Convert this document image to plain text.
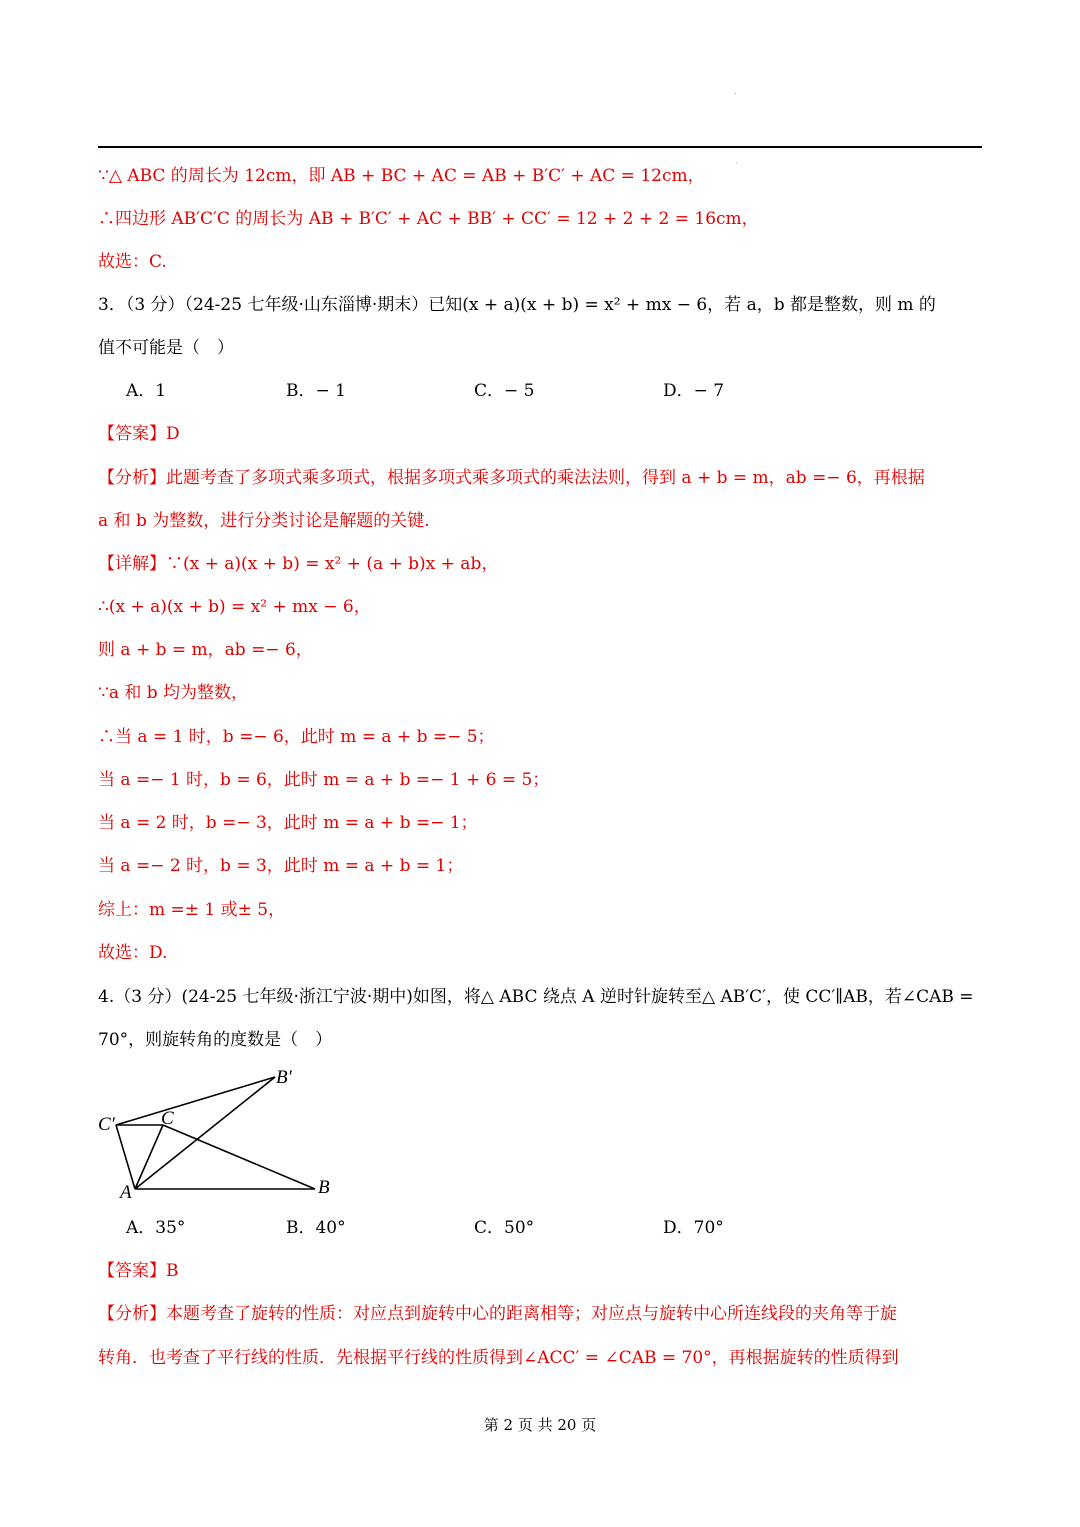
∵△ ABC 的周长为 12cm，即 AB + BC + AC = AB + B′C′ + AC = 12cm，
∴四边形 AB′C′C 的周长为 AB + B′C′ + AC + BB′ + CC′ = 12 + 2 + 2 = 16cm，
故选：C.
3．（3 分）（24-25 七年级·山东淄博·期末）已知(x + a)(x + b) = x² + mx − 6，若 a，b 都是整数，则 m 的
值不可能是（　）
A．1	B．− 1	C．− 5	D．− 7
【答案】D
【分析】此题考查了多项式乘多项式，根据多项式乘多项式的乘法法则，得到 a + b = m，ab =− 6，再根据
a 和 b 为整数，进行分类讨论是解题的关键.
【详解】∵(x + a)(x + b) = x² + (a + b)x + ab，
∴(x + a)(x + b) = x² + mx − 6，
则 a + b = m，ab =− 6，
∵a 和 b 均为整数，
∴当 a = 1 时，b =− 6，此时 m = a + b =− 5；
当 a =− 1 时，b = 6，此时 m = a + b =− 1 + 6 = 5；
当 a = 2 时，b =− 3，此时 m = a + b =− 1；
当 a =− 2 时，b = 3，此时 m = a + b = 1；
综上：m =± 1 或± 5，
故选：D.
4.（3 分）(24-25 七年级·浙江宁波·期中)如图，将△ ABC 绕点 A 逆时针旋转至△ AB′C′，使 CC′∥AB，若∠CAB =
70°，则旋转角的度数是（　）
B′
C′ C
A	B
A．35°	B．40°	C．50°	D．70°
【答案】B
【分析】本题考查了旋转的性质：对应点到旋转中心的距离相等；对应点与旋转中心所连线段的夹角等于旋
转角．也考查了平行线的性质．先根据平行线的性质得到∠ACC′ = ∠CAB = 70°，再根据旋转的性质得到
第 2 页 共 20 页
